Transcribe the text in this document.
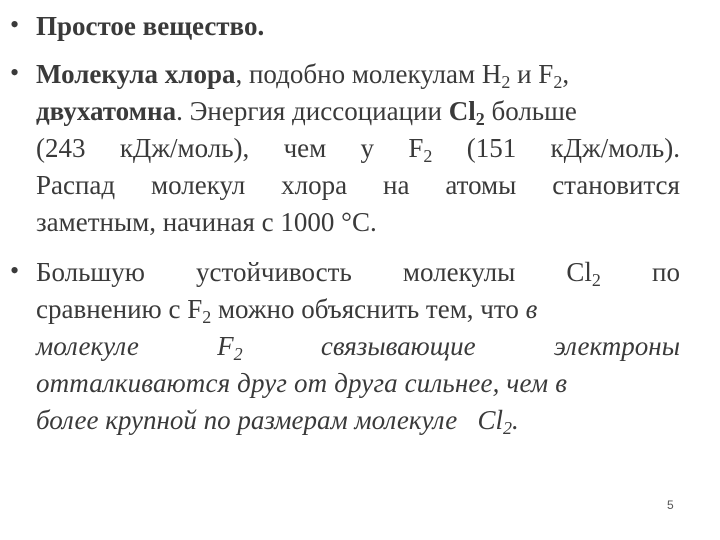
• Простое вещество.
• Молекула хлора, подобно молекулам $H_2$ и $F_2$,
двухатомна. Энергия диссоциации $Cl_2$ больше
(243 кДж/моль), чем у $F_2$ (151 кДж/моль).
Распад молекул хлора на атомы становится
заметным, начиная с 1000 °C.
• Большую устойчивость молекулы $Cl_2$ по
сравнению с $F_2$ можно объяснить тем, что в
молекуле	$F_2$	связывающие	электроны
отталкиваются друг от друга сильнее, чем в
более крупной по размерам молекуле   $Cl_2$.
5
